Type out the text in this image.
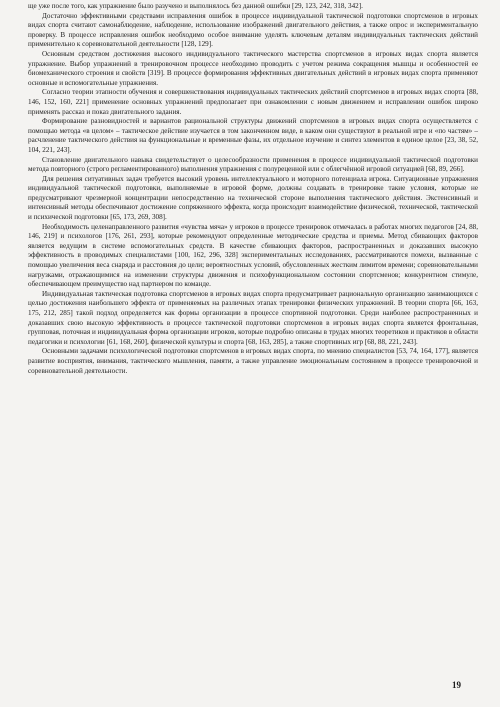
ще уже после того, как упражнение было разучено и выполнялось без данной ошибки [29, 123, 242, 318, 342].

Достаточно эффективными средствами исправления ошибок в процессе индивидуальной тактической подготовки спортсменов в игровых видах спорта считают самонаблюдение, наблюдение, использование изображений двигательного действия, а также опрос и экспериментальную проверку. В процессе исправления ошибок необходимо особое внимание уделять ключевым деталям индивидуальных тактических действий применительно к соревновательной деятельности [128, 129].

Основным средством достижения высокого индивидуального тактического мастерства спортсменов в игровых видах спорта является упражнение. Выбор упражнений в тренировочном процессе необходимо проводить с учетом режима сокращения мышцы и особенностей ее биомеханического строения и свойств [319]. В процессе формирования эффективных двигательных действий в игровых видах спорта применяют основные и вспомогательные упражнения.

Согласно теории этапности обучения и совершенствования индивидуальных тактических действий спортсменов в игровых видах спорта [88, 146, 152, 160, 221] применение основных упражнений предполагает при ознакомлении с новым движением и исправлении ошибок широко применять рассказ и показ двигательного задания.

Формирование разновидностей и вариантов рациональной структуры движений спортсменов в игровых видах спорта осуществляется с помощью метода «в целом» – тактическое действие изучается в том законченном виде, в каком они существуют в реальной игре и «по частям» – расчленение тактического действия на функциональные и временные фазы, их отдельное изучение и синтез элементов в единое целое [23, 38, 52, 104, 221, 243].

Становление двигательного навыка свидетельствует о целесообразности применения в процессе индивидуальной тактической подготовки метода повторного (строго регламентированного) выполнения упражнения с полуреценной или с облегчённой игровой ситуацией [68, 89, 266].

Для решения ситуативных задач требуется высокий уровень интеллектуального и моторного потенциала игрока. Ситуационные упражнения индивидуальной тактической подготовки, выполняемые в игровой форме, должны создавать в тренировке такие условия, которые не предусматривают чрезмерной концентрации непосредственно на технической стороне выполнения тактического действия. Экстенсивный и интенсивный методы обеспечивают достижение сопряженного эффекта, когда происходит взаимодействие физической, технической, тактической и психической подготовки [65, 173, 269, 308].

Необходимость целенаправленного развития «чувства мяча» у игроков в процессе тренировок отмечалась в работах многих педагогов [24, 88, 146, 219] и психологов [176, 261, 293], которые рекомендуют определенные методические средства и приемы. Метод сбивающих факторов является ведущим в системе вспомогательных средств. В качестве сбивающих факторов, распространенных и доказавших высокую эффективность в проводимых специалистами [100, 162, 296, 328] экспериментальных исследованиях, рассматриваются помехи, вызванные с помощью увеличения веса снаряда и расстояния до цели; вероятностных условий, обусловленных жестким лимитом времени; соревновательными нагрузками, отражающимися на изменении структуры движения и психофункциональном состоянии спортсменов; конкурентном стимуле, обеспечивающем преимущество над партнером по команде.

Индивидуальная тактическая подготовка спортсменов в игровых видах спорта предусматривает рациональную организацию занимающихся с целью достижения наибольшего эффекта от применяемых на различных этапах тренировки физических упражнений. В теории спорта [66, 163, 175, 212, 285] такой подход определяется как формы организации в процессе спортивной подготовки. Среди наиболее распространенных и доказавших свою высокую эффективность в процессе тактической подготовки спортсменов в игровых видах спорта является фронтальная, групповая, поточная и индивидуальная форма организации игроков, которые подробно описаны в трудах многих теоретиков и практиков в области педагогики и психологии [61, 168, 260], физической культуры и спорта [68, 163, 285], а также спортивных игр [68, 88, 221, 243].

Основными задачами психологической подготовки спортсменов в игровых видах спорта, по мнению специалистов [53, 74, 164, 177], является развитие восприятия, внимания, тактического мышления, памяти, а также управление эмоциональным состоянием в процессе тренировочной и соревновательной деятельности.

19
